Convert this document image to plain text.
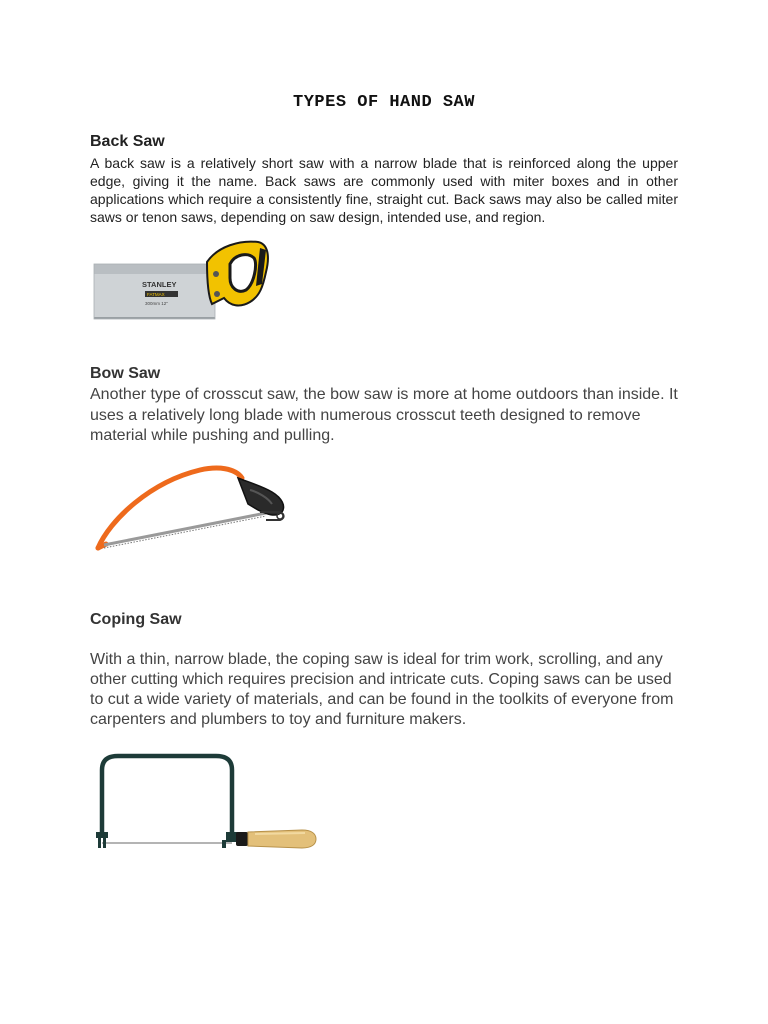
TYPES OF HAND SAW
Back Saw

A back saw is a relatively short saw with a narrow blade that is reinforced along the upper edge, giving it the name. Back saws are commonly used with miter boxes and in other applications which require a consistently fine, straight cut. Back saws may also be called miter saws or tenon saws, depending on saw design, intended use, and region.

STANLEY
FATMAX
300mm 12"
Bow Saw

Another type of crosscut saw, the bow saw is more at home outdoors than inside. It uses a relatively long blade with numerous crosscut teeth designed to remove material while pushing and pulling.

Coping Saw

With a thin, narrow blade, the coping saw is ideal for trim work, scrolling, and any other cutting which requires precision and intricate cuts. Coping saws can be used to cut a wide variety of materials, and can be found in the toolkits of everyone from carpenters and plumbers to toy and furniture makers.
